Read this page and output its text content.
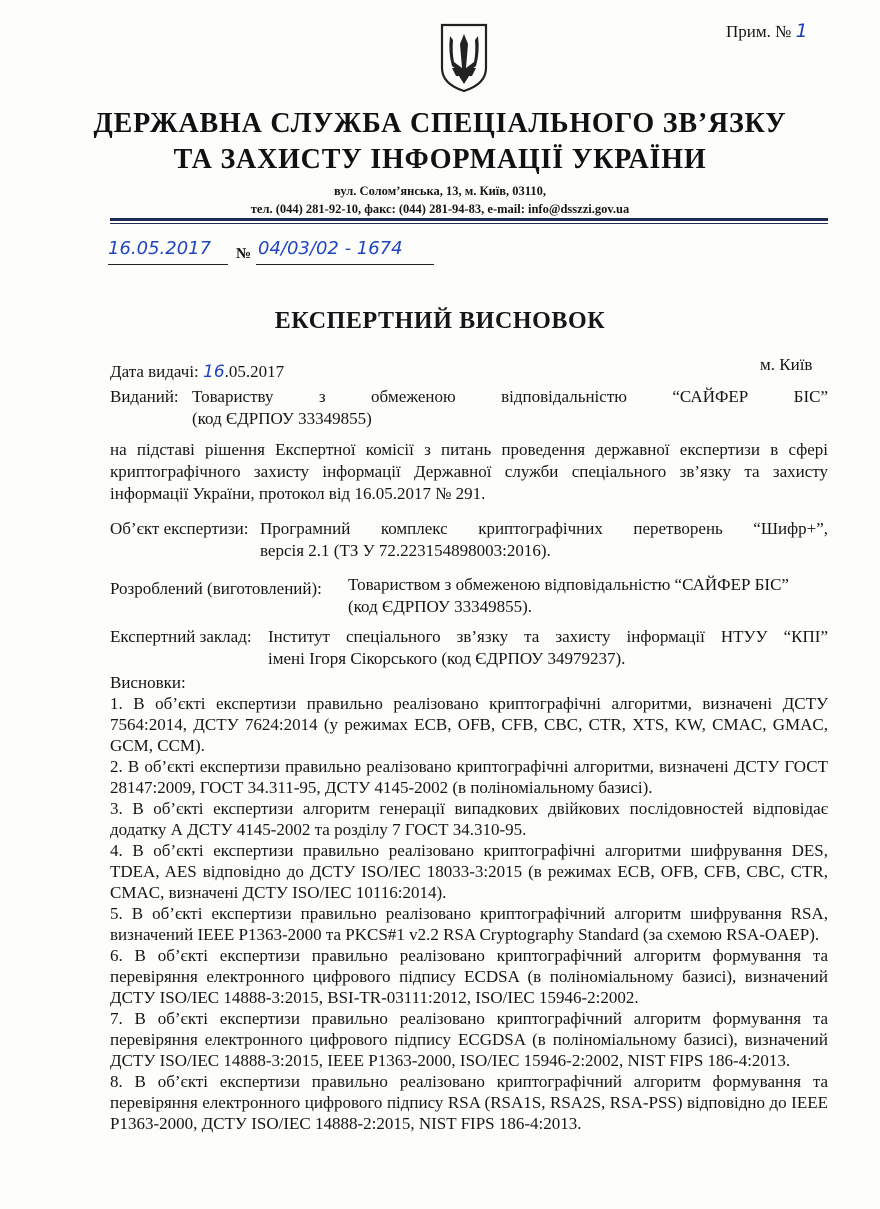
Прим. № 1
ДЕРЖАВНА СЛУЖБА СПЕЦІАЛЬНОГО ЗВ’ЯЗКУ
ТА ЗАХИСТУ ІНФОРМАЦІЇ УКРАЇНИ
вул. Солом’янська, 13, м. Київ, 03110,
тел. (044) 281-92-10, факс: (044) 281-94-83, e-mail: info@dsszzi.gov.ua
16.05.2017 № 04/03/02 - 1674
ЕКСПЕРТНИЙ ВИСНОВОК
Дата видачі: 16.05.2017	м. Київ
Виданий: Товариству з обмеженою відповідальністю “САЙФЕР БІС”
(код ЄДРПОУ 33349855)
на підставі рішення Експертної комісії з питань проведення державної експертизи в сфері
криптографічного захисту інформації Державної служби спеціального зв’язку та захисту
інформації України, протокол від 16.05.2017 № 291.
Об’єкт експертизи: Програмний комплекс криптографічних перетворень “Шифр+”,
версія 2.1 (ТЗ У 72.223154898003:2016).
Розроблений (виготовлений): Товариством з обмеженою відповідальністю “САЙФЕР БІС”
(код ЄДРПОУ 33349855).
Експертний заклад: Інститут спеціального зв’язку та захисту інформації НТУУ “КПІ”
імені Ігоря Сікорського (код ЄДРПОУ 34979237).
Висновки:
1. В об’єкті експертизи правильно реалізовано криптографічні алгоритми, визначені ДСТУ 7564:2014, ДСТУ 7624:2014 (у режимах ECB, OFB, CFB, CBC, CTR, XTS, KW, CMAC, GMAC, GCM, CCM).
2. В об’єкті експертизи правильно реалізовано криптографічні алгоритми, визначені ДСТУ ГОСТ 28147:2009, ГОСТ 34.311-95, ДСТУ 4145-2002 (в поліноміальному базисі).
3. В об’єкті експертизи алгоритм генерації випадкових двійкових послідовностей відповідає додатку А ДСТУ 4145-2002 та розділу 7 ГОСТ 34.310-95.
4. В об’єкті експертизи правильно реалізовано криптографічні алгоритми шифрування DES, TDEA, AES відповідно до ДСТУ ISO/IEC 18033-3:2015 (в режимах ECB, OFB, CFB, CBC, CTR, CMAC, визначені ДСТУ ISO/IEC 10116:2014).
5. В об’єкті експертизи правильно реалізовано криптографічний алгоритм шифрування RSA, визначений IEEE P1363-2000 та PKCS#1 v2.2 RSA Cryptography Standard (за схемою RSA-OAEP).
6. В об’єкті експертизи правильно реалізовано криптографічний алгоритм формування та перевіряння електронного цифрового підпису ECDSA (в поліноміальному базисі), визначений ДСТУ ISO/IEC 14888-3:2015, BSI-TR-03111:2012, ISO/IEC 15946-2:2002.
7. В об’єкті експертизи правильно реалізовано криптографічний алгоритм формування та перевіряння електронного цифрового підпису ECGDSA (в поліноміальному базисі), визначений ДСТУ ISO/IEC 14888-3:2015, IEEE P1363-2000, ISO/IEC 15946-2:2002, NIST FIPS 186-4:2013.
8. В об’єкті експертизи правильно реалізовано криптографічний алгоритм формування та перевіряння електронного цифрового підпису RSA (RSA1S, RSA2S, RSA-PSS) відповідно до IEEE P1363-2000, ДСТУ ISO/IEC 14888-2:2015, NIST FIPS 186-4:2013.
